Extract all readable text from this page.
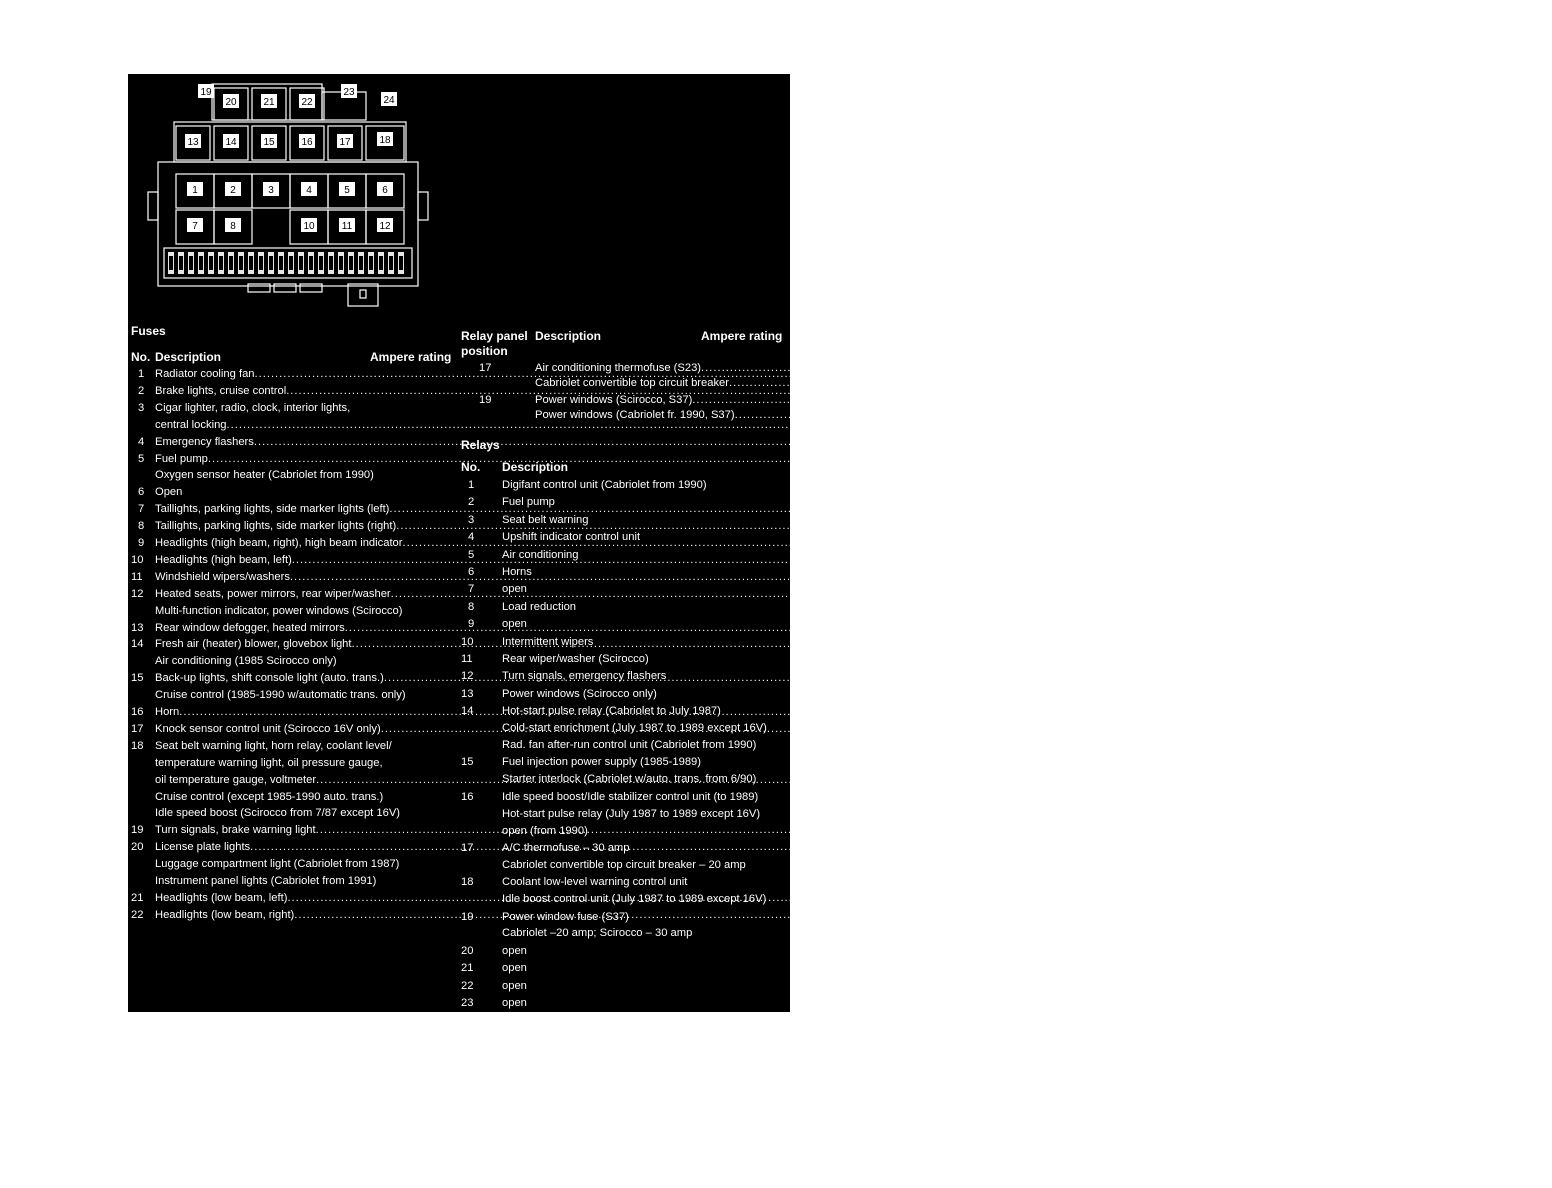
1	2	3	4	5	6
7	8	10	11	12
13	14	15	16	17	18
19
20	21	22
23
24
Fuses
No. Description	Ampere rating
Relay panel
position
Description	Ampere rating
Relays
No. Description
1 Radiator cooling fan .....	30
2 Brake lights, cruise control .....	10
3 Cigar lighter, radio, clock, interior lights,
central locking .....	15
4 Emergency flashers .....	15
5 Fuel pump .....	15
Oxygen sensor heater (Cabriolet from 1990)
6 Open
7 Taillights, parking lights, side marker lights (left) .....	10
8 Taillights, parking lights, side marker lights (right) .....	10
9 Headlights (high beam, right), high beam indicator .....	10
10 Headlights (high beam, left) .....	10
11 Windshield wipers/washers .....	15
12 Heated seats, power mirrors, rear wiper/washer .....	15
Multi-function indicator, power windows (Scirocco)
13 Rear window defogger, heated mirrors .....	15
14 Fresh air (heater) blower, glovebox light .....	20
Air conditioning (1985 Scirocco only)
15 Back-up lights, shift console light (auto. trans.) .....	10
Cruise control (1985-1990 w/automatic trans. only)
16 Horn .....	15
17 Knock sensor control unit (Scirocco 16V only) .....	10
18 Seat belt warning light, horn relay, coolant level/
temperature warning light, oil pressure gauge,
oil temperature gauge, voltmeter .....	15
Cruise control (except 1985-1990 auto. trans.)
Idle speed boost (Scirocco from 7/87 except 16V)
19 Turn signals, brake warning light .....	10
20 License plate lights .....	10
Luggage compartment light (Cabriolet from 1987)
Instrument panel lights (Cabriolet from 1991)
21 Headlights (low beam, left) .....	10
22 Headlights (low beam, right) .....	10
17	Air conditioning thermofuse (S23) .....	30
Cabriolet convertible top circuit breaker .....	20
19	Power windows (Scirocco, S37) .....	30
Power windows (Cabriolet fr. 1990, S37) .....	20
1 Digifant control unit (Cabriolet from 1990)
2 Fuel pump
3 Seat belt warning
4 Upshift indicator control unit
5 Air conditioning
6 Horns
7 open
8 Load reduction
9 open
10	Intermittent wipers
11	Rear wiper/washer (Scirocco)
12	Turn signals, emergency flashers
13	Power windows (Scirocco only)
14	Hot-start pulse relay (Cabriolet to July 1987)
Cold-start enrichment (July 1987 to 1989 except 16V)
Rad. fan after-run control unit (Cabriolet from 1990)
15	Fuel injection power supply (1985-1989)
Starter interlock (Cabriolet w/auto. trans. from 6/90)
16	Idle speed boost/Idle stabilizer control unit (to 1989)
Hot-start pulse relay (July 1987 to 1989 except 16V)
open (from 1990)
17	A/C thermofuse – 30 amp
Cabriolet convertible top circuit breaker – 20 amp
18	Coolant low-level warning control unit
Idle boost control unit (July 1987 to 1989 except 16V)
19	Power window fuse (S37)
Cabriolet –20 amp; Scirocco – 30 amp
20	open
21	open
22	open
23	open
24	open
